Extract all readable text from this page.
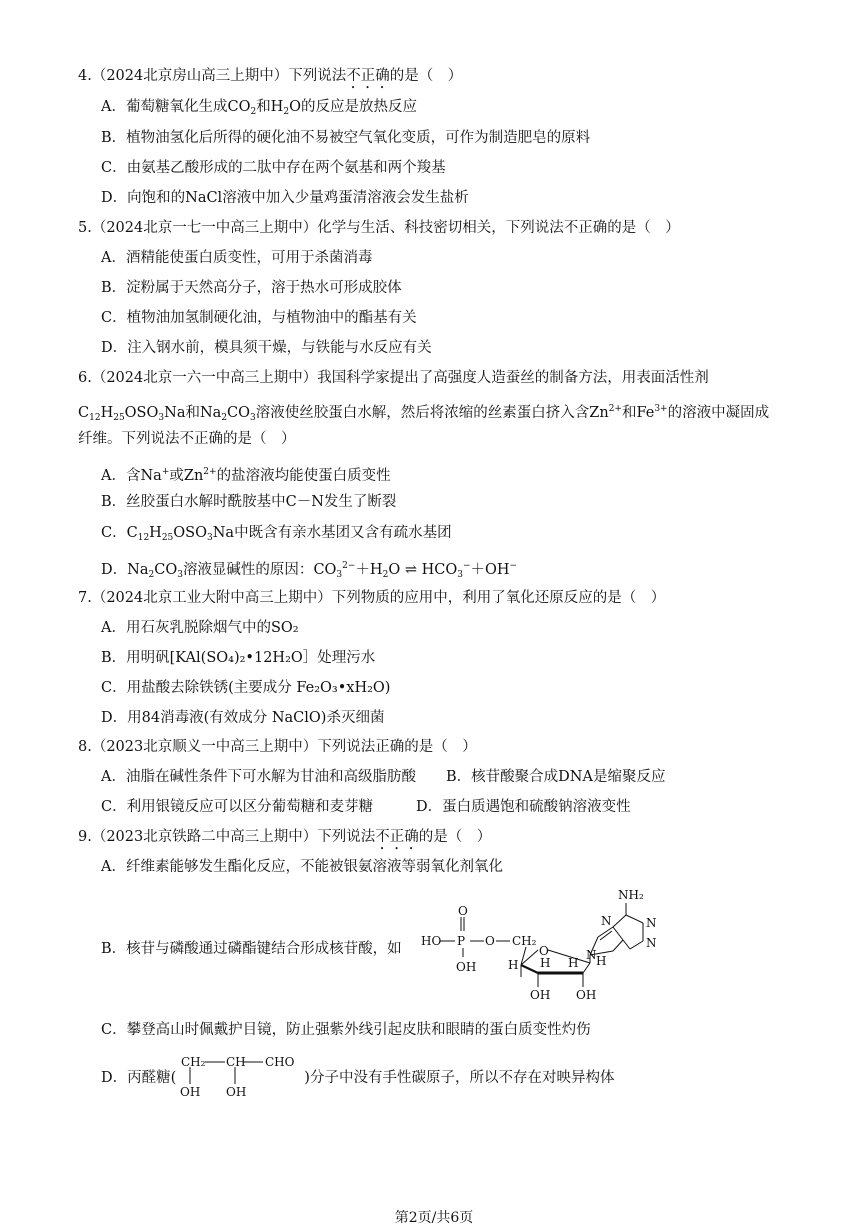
4.（2024北京房山高三上期中）下列说法不正确的是（　）
A．葡萄糖氧化生成$CO_2$和$H_2O$的反应是放热反应
B．植物油氢化后所得的硬化油不易被空气氧化变质，可作为制造肥皂的原料
C．由氨基乙酸形成的二肽中存在两个氨基和两个羧基
D．向饱和的NaCl溶液中加入少量鸡蛋清溶液会发生盐析
5.（2024北京一七一中高三上期中）化学与生活、科技密切相关，下列说法不正确的是（　）
A．酒精能使蛋白质变性，可用于杀菌消毒
B．淀粉属于天然高分子，溶于热水可形成胶体
C．植物油加氢制硬化油，与植物油中的酯基有关
D．注入钢水前，模具须干燥，与铁能与水反应有关
6.（2024北京一六一中高三上期中）我国科学家提出了高强度人造蚕丝的制备方法，用表面活性剂
$C_{12}H_{25}OSO_3Na$和$Na_2CO_3$溶液使丝胶蛋白水解，然后将浓缩的丝素蛋白挤入含$Zn^{2+}$和$Fe^{3+}$的溶液中凝固成
纤维。下列说法不正确的是（　）
A．含Na+或$Zn^{2+}$的盐溶液均能使蛋白质变性
B．丝胶蛋白水解时酰胺基中C－N发生了断裂
C．$C_{12}H_{25}OSO_3Na$中既含有亲水基团又含有疏水基团
D．$Na_2CO_3$溶液显碱性的原因：$CO_3^{2-}+H_2O$ ⇌ $HCO_3^-+OH^-$
7.（2024北京工业大附中高三上期中）下列物质的应用中，利用了氧化还原反应的是（　）
A．用石灰乳脱除烟气中的SO₂
B．用明矾[KAl(SO₄)₂•12H₂O］处理污水
C．用盐酸去除铁锈(主要成分 Fe₂O₃•xH₂O)
D．用84消毒液(有效成分 NaClO)杀灭细菌
8.（2023北京顺义一中高三上期中）下列说法正确的是（　）
A．油脂在碱性条件下可水解为甘油和高级脂肪酸 B．核苷酸聚合成DNA是缩聚反应
C．利用银镜反应可以区分葡萄糖和麦芽糖	D．蛋白质遇饱和硫酸钠溶液变性
9.（2023北京铁路二中高三上期中）下列说法不正确的是（　）
A．纤维素能够发生酯化反应，不能被银氨溶液等弱氧化剂氧化
B．核苷与磷酸通过磷酯键结合形成核苷酸，如
O
HO P O CH₂
OH
O
H H H H
OH OH
NH₂
N	N
N
N
C．攀登高山时佩戴护目镜，防止强紫外线引起皮肤和眼睛的蛋白质变性灼伤
D．丙醛糖(	)分子中没有手性碳原子，所以不存在对映异构体
CH₂ CH CHO
OH OH
第2页/共6页
